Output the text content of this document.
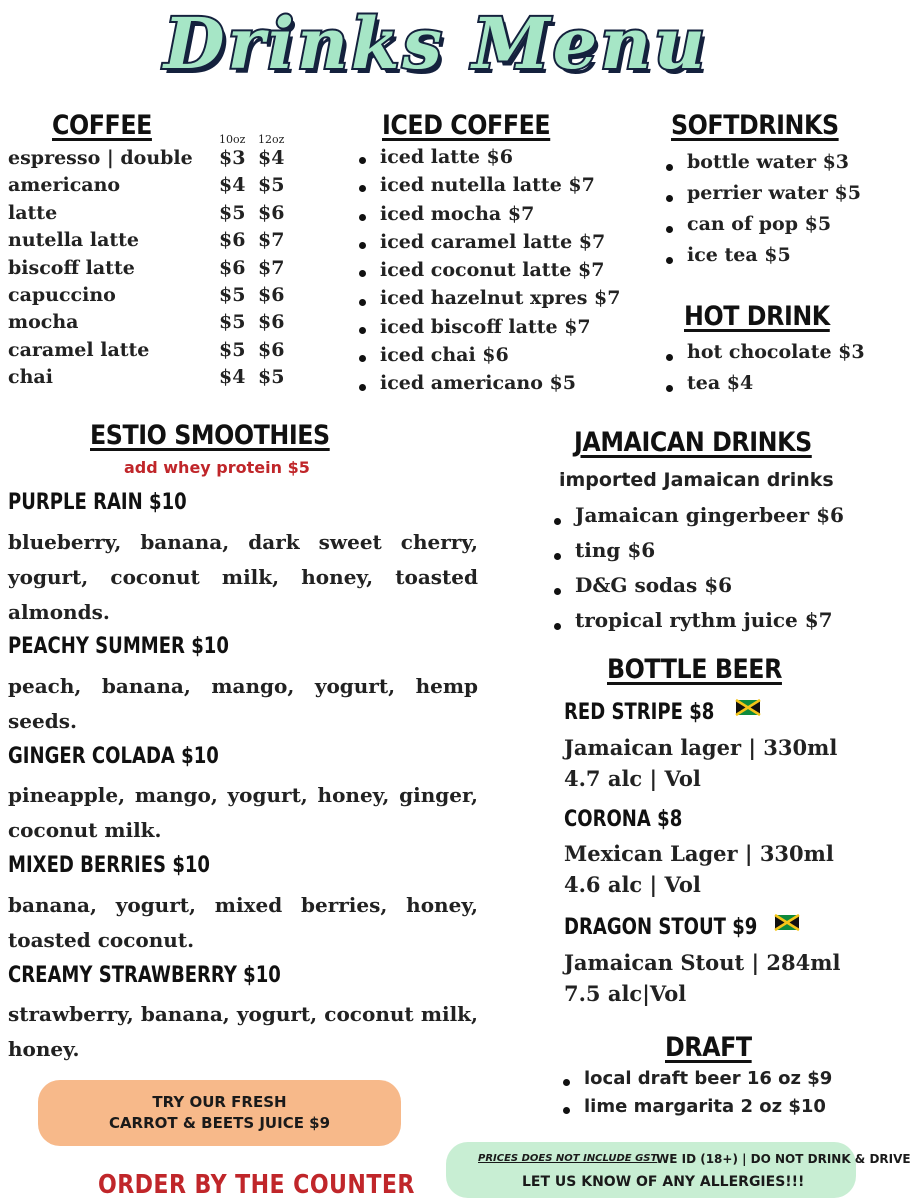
Drinks Menu
COFFEE	10oz 12oz
espresso | double $3 $4
americano	$4 $5
latte	$5 $6
nutella latte	$6 $7
biscoff latte	$6 $7
capuccino	$5 $6
mocha	$5 $6
caramel latte	$5 $6
chai	$4 $5
ICED COFFEE
iced latte $6
iced nutella latte $7
iced mocha $7
iced caramel latte $7
iced coconut latte $7
iced hazelnut xpres $7
iced biscoff latte $7
iced chai $6
iced americano $5
SOFTDRINKS
bottle water $3
perrier water $5
can of pop $5
ice tea $5
HOT DRINK
hot chocolate $3
tea $4
ESTIO SMOOTHIES
add whey protein $5
PURPLE RAIN $10
blueberry, banana, dark sweet cherry, yogurt, coconut milk, honey, toasted almonds.
PEACHY SUMMER $10
peach, banana, mango, yogurt, hemp seeds.
GINGER COLADA $10
pineapple, mango, yogurt, honey, ginger, coconut milk.
MIXED BERRIES $10
banana, yogurt, mixed berries, honey, toasted coconut.
CREAMY STRAWBERRY $10
strawberry, banana, yogurt, coconut milk, honey.
JAMAICAN DRINKS
imported Jamaican drinks
Jamaican gingerbeer $6
ting $6
D&G sodas $6
tropical rythm juice $7
BOTTLE BEER
RED STRIPE $8
Jamaican lager | 330ml
4.7 alc | Vol
CORONA $8
Mexican Lager | 330ml
4.6 alc | Vol
DRAGON STOUT $9
Jamaican Stout | 284ml
7.5 alc|Vol
DRAFT
local draft beer 16 oz $9
lime margarita 2 oz $10
TRY OUR FRESH
CARROT & BEETS JUICE $9
ORDER BY THE COUNTER
PRICES DOES NOT INCLUDE GST
WE ID (18+) | DO NOT DRINK & DRIVE
LET US KNOW OF ANY ALLERGIES!!!
